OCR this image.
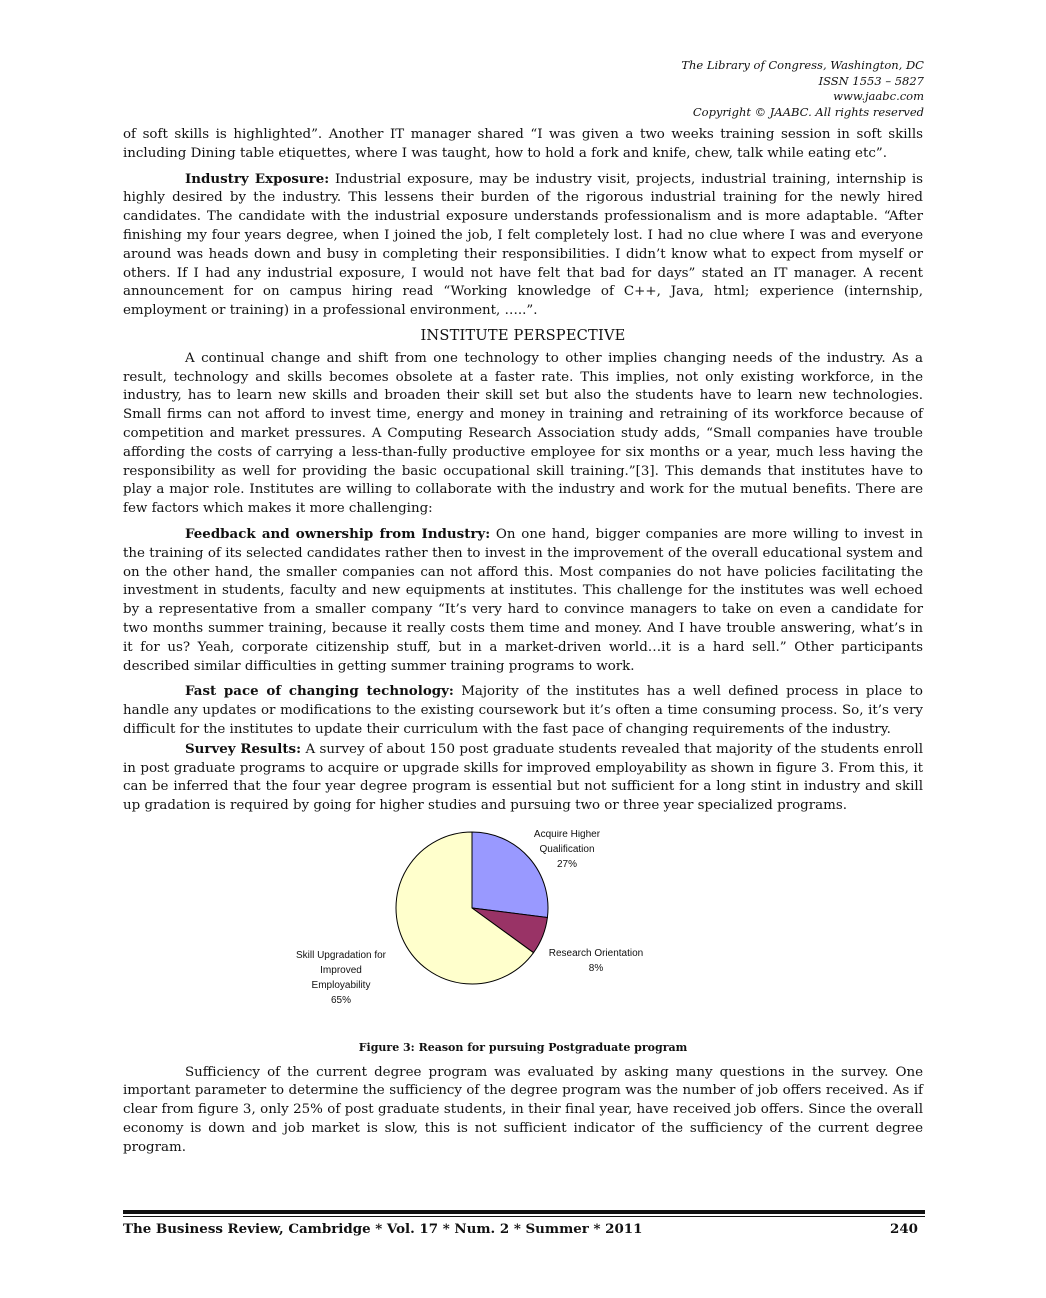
The Library of Congress, Washington, DC
ISSN 1553 – 5827
www.jaabc.com
Copyright © JAABC. All rights reserved

of soft skills is highlighted”. Another IT manager shared “I was given a two weeks training session in soft skills including Dining table etiquettes, where I was taught, how to hold a fork and knife, chew, talk while eating etc”.

Industry Exposure: Industrial exposure, may be industry visit, projects, industrial training, internship is highly desired by the industry. This lessens their burden of the rigorous industrial training for the newly hired candidates. The candidate with the industrial exposure understands professionalism and is more adaptable. “After finishing my four years degree, when I joined the job, I felt completely lost. I had no clue where I was and everyone around was heads down and busy in completing their responsibilities. I didn’t know what to expect from myself or others. If I had any industrial exposure, I would not have felt that bad for days” stated an IT manager. A recent announcement for on campus hiring read “Working knowledge of C++, Java, html; experience (internship, employment or training) in a professional environment, …..”.

INSTITUTE PERSPECTIVE

A continual change and shift from one technology to other implies changing needs of the industry. As a result, technology and skills becomes obsolete at a faster rate. This implies, not only existing workforce, in the industry, has to learn new skills and broaden their skill set but also the students have to learn new technologies. Small firms can not afford to invest time, energy and money in training and retraining of its workforce because of competition and market pressures. A Computing Research Association study adds, “Small companies have trouble affording the costs of carrying a less-than-fully productive employee for six months or a year, much less having the responsibility as well for providing the basic occupational skill training.”[3]. This demands that institutes have to play a major role. Institutes are willing to collaborate with the industry and work for the mutual benefits. There are few factors which makes it more challenging:

Feedback and ownership from Industry: On one hand, bigger companies are more willing to invest in the training of its selected candidates rather then to invest in the improvement of the overall educational system and on the other hand, the smaller companies can not afford this. Most companies do not have policies facilitating the investment in students, faculty and new equipments at institutes. This challenge for the institutes was well echoed by a representative from a smaller company “It’s very hard to convince managers to take on even a candidate for two months summer training, because it really costs them time and money. And I have trouble answering, what’s in it for us? Yeah, corporate citizenship stuff, but in a market-driven world…it is a hard sell.” Other participants described similar difficulties in getting summer training programs to work.

Fast pace of changing technology: Majority of the institutes has a well defined process in place to handle any updates or modifications to the existing coursework but it’s often a time consuming process. So, it’s very difficult for the institutes to update their curriculum with the fast pace of changing requirements of the industry.

Survey Results: A survey of about 150 post graduate students revealed that majority of the students enroll in post graduate programs to acquire or upgrade skills for improved employability as shown in figure 3. From this, it can be inferred that the four year degree program is essential but not sufficient for a long stint in industry and skill up gradation is required by going for higher studies and pursuing two or three year specialized programs.

Acquire Higher Qualification 27%
Research Orientation 8%
Skill Upgradation for Improved Employability 65%
Figure 3: Reason for pursuing Postgraduate program

Sufficiency of the current degree program was evaluated by asking many questions in the survey. One important parameter to determine the sufficiency of the degree program was the number of job offers received. As if clear from figure 3, only 25% of post graduate students, in their final year, have received job offers. Since the overall economy is down and job market is slow, this is not sufficient indicator of the sufficiency of the current degree program.

The Business Review, Cambridge * Vol. 17 * Num. 2 * Summer * 2011	240
